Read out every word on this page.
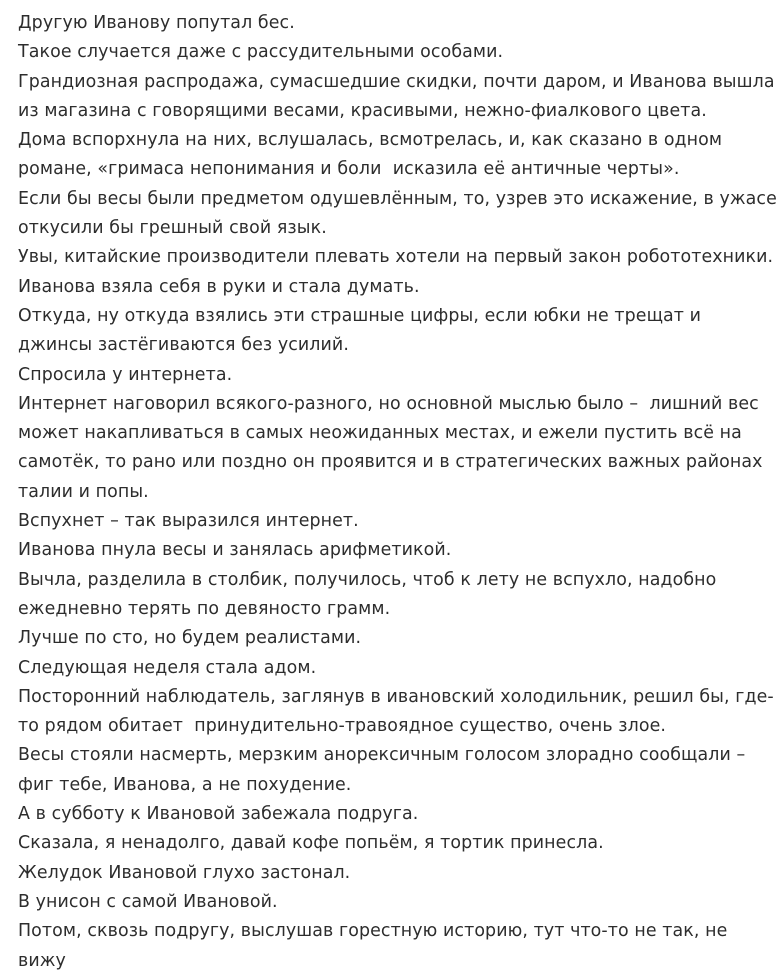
Другую Иванову попутал бес.

Такое случается даже с рассудительными особами.

Грандиозная распродажа, сумасшедшие скидки, почти даром, и Иванова вышла из магазина с говорящими весами, красивыми, нежно-фиалкового цвета.

Дома вспорхнула на них, вслушалась, всмотрелась, и, как сказано в одном романе, «гримаса непонимания и боли  исказила её античные черты».

Если бы весы были предметом одушевлённым, то, узрев это искажение, в ужасе откусили бы грешный свой язык.

Увы, китайские производители плевать хотели на первый закон робототехники.

Иванова взяла себя в руки и стала думать.

Откуда, ну откуда взялись эти страшные цифры, если юбки не трещат и джинсы застёгиваются без усилий.

Спросила у интернета.

Интернет наговорил всякого-разного, но основной мыслью было –  лишний вес может накапливаться в самых неожиданных местах, и ежели пустить всё на самотёк, то рано или поздно он проявится и в стратегических важных районах талии и попы.

Вспухнет – так выразился интернет.

Иванова пнула весы и занялась арифметикой.

Вычла, разделила в столбик, получилось, чтоб к лету не вспухло, надобно ежедневно терять по девяносто грамм.

Лучше по сто, но будем реалистами.

Следующая неделя стала адом.

Посторонний наблюдатель, заглянув в ивановский холодильник, решил бы, где-то рядом обитает  принудительно-травоядное существо, очень злое.

Весы стояли насмерть, мерзким анорексичным голосом злорадно сообщали – фиг тебе, Иванова, а не похудение.

А в субботу к Ивановой забежала подруга.

Сказала, я ненадолго, давай кофе попьём, я тортик принесла.

Желудок Ивановой глухо застонал.

В унисон с самой Ивановой.

Потом, сквозь подругу, выслушав горестную историю, тут что-то не так, не вижу
